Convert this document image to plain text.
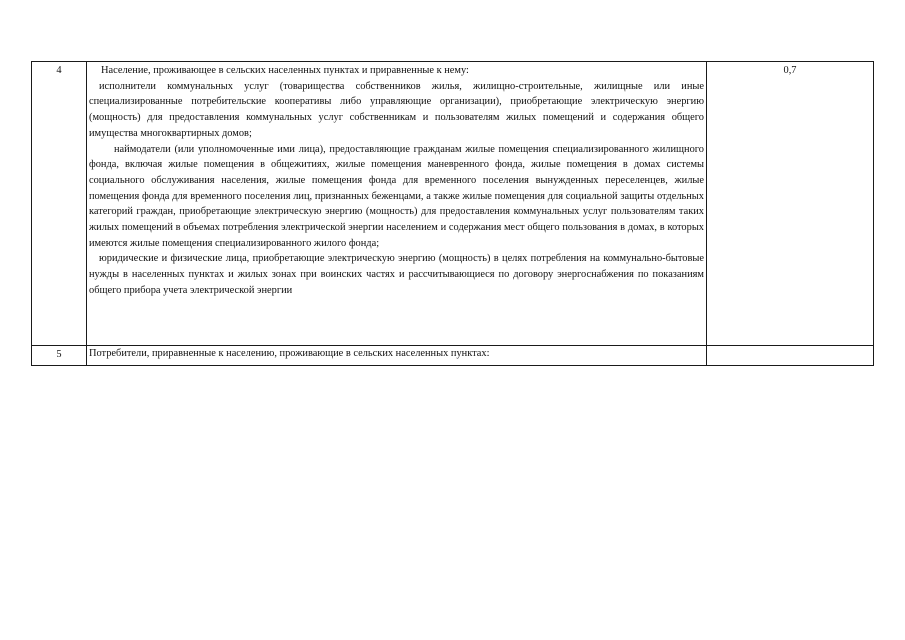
4	Население, проживающее в сельских населенных пунктах и приравненные к нему:

исполнители коммунальных услуг (товарищества собственников жилья, жилищно-строительные, жилищные или иные специализированные потребительские кооперативы либо управляющие организации), приобретающие электрическую энергию (мощность) для предоставления коммунальных услуг собственникам и пользователям жилых помещений и содержания общего имущества многоквартирных домов;

наймодатели (или уполномоченные ими лица), предоставляющие гражданам жилые помещения специализированного жилищного фонда, включая жилые помещения в общежитиях, жилые помещения маневренного фонда, жилые помещения в домах системы социального обслуживания населения, жилые помещения фонда для временного поселения вынужденных переселенцев, жилые помещения фонда для временного поселения лиц, признанных беженцами, а также жилые помещения для социальной защиты отдельных категорий граждан, приобретающие электрическую энергию (мощность) для предоставления коммунальных услуг пользователям таких жилых помещений в объемах потребления электрической энергии населением и содержания мест общего пользования в домах, в которых имеются жилые помещения специализированного жилого фонда;

юридические и физические лица, приобретающие электрическую энергию (мощность) в целях потребления на коммунально-бытовые нужды в населенных пунктах и жилых зонах при воинских частях и рассчитывающиеся по договору энергоснабжения по показаниям общего прибора учета электрической энергии	0,7
5	Потребители, приравненные к населению, проживающие в сельских населенных пунктах:	
